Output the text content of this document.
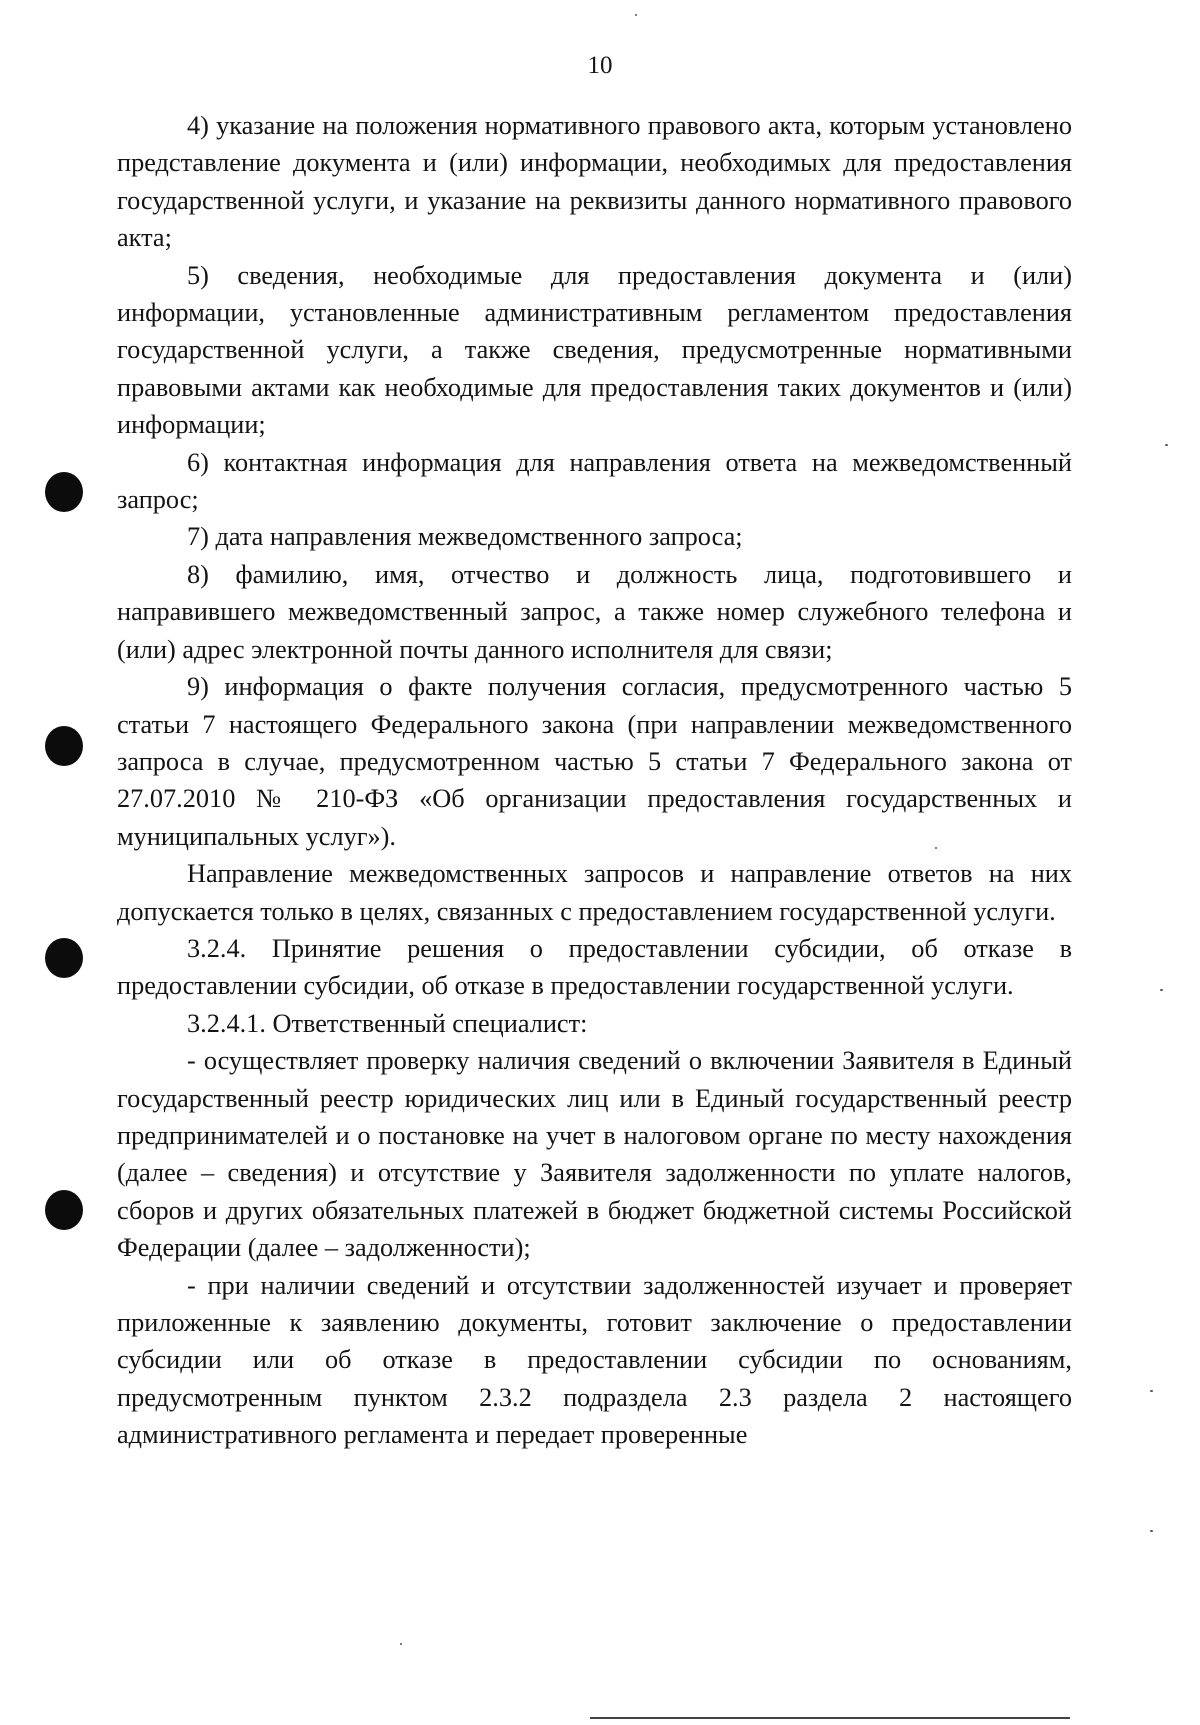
10

4) указание на положения нормативного правового акта, которым установлено представление документа и (или) информации, необходимых для предоставления государственной услуги, и указание на реквизиты данного нормативного правового акта;

5) сведения, необходимые для предоставления документа и (или) информации, установленные административным регламентом предоставления государственной услуги, а также сведения, предусмотренные нормативными правовыми актами как необходимые для предоставления таких документов и (или) информации;

6) контактная информация для направления ответа на межведомственный запрос;

7) дата направления межведомственного запроса;

8) фамилию, имя, отчество и должность лица, подготовившего и направившего межведомственный запрос, а также номер служебного телефона и (или) адрес электронной почты данного исполнителя для связи;

9) информация о факте получения согласия, предусмотренного частью 5 статьи 7 настоящего Федерального закона (при направлении межведомственного запроса в случае, предусмотренном частью 5 статьи 7 Федерального закона от 27.07.2010 № 210-ФЗ «Об организации предоставления государственных и муниципальных услуг»).

Направление межведомственных запросов и направление ответов на них допускается только в целях, связанных с предоставлением государственной услуги.

3.2.4. Принятие решения о предоставлении субсидии, об отказе в предоставлении субсидии, об отказе в предоставлении государственной услуги.

3.2.4.1. Ответственный специалист:

- осуществляет проверку наличия сведений о включении Заявителя в Единый государственный реестр юридических лиц или в Единый государственный реестр предпринимателей и о постановке на учет в налоговом органе по месту нахождения (далее – сведения) и отсутствие у Заявителя задолженности по уплате налогов, сборов и других обязательных платежей в бюджет бюджетной системы Российской Федерации (далее – задолженности);

- при наличии сведений и отсутствии задолженностей изучает и проверяет приложенные к заявлению документы, готовит заключение о предоставлении субсидии или об отказе в предоставлении субсидии по основаниям, предусмотренным пунктом 2.3.2 подраздела 2.3 раздела 2 настоящего административного регламента и передает проверенные
